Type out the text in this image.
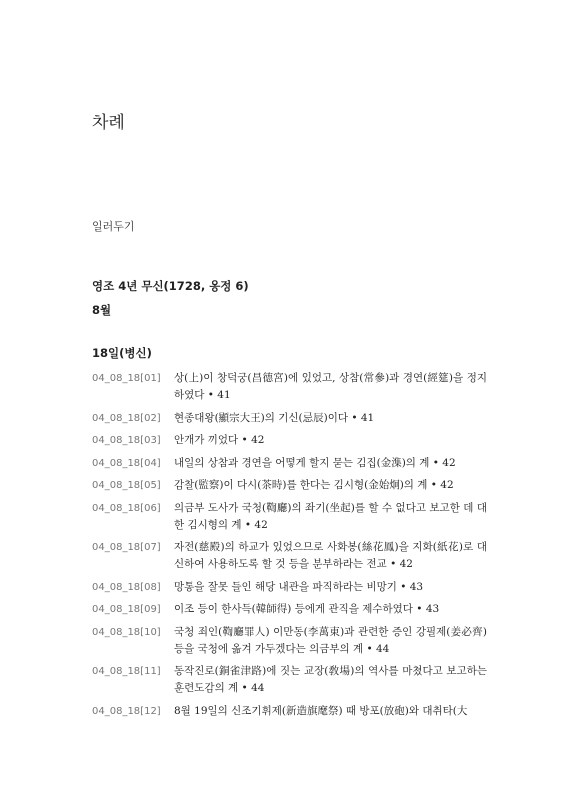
차례
일러두기
영조 4년 무신(1728, 옹정 6)
8월
18일(병신)
04_08_18[01]	상(上)이 창덕궁(昌德宮)에 있었고, 상참(常參)과 경연(經筵)을 정지하였다 • 41
04_08_18[02]	현종대왕(顯宗大王)의 기신(忌辰)이다 • 41
04_08_18[03]	안개가 끼었다 • 42
04_08_18[04]	내일의 상참과 경연을 어떻게 할지 묻는 김집(金潗)의 계 • 42
04_08_18[05]	감찰(監察)이 다시(茶時)를 한다는 김시형(金始炯)의 계 • 42
04_08_18[06]	의금부 도사가 국청(鞫廳)의 좌기(坐起)를 할 수 없다고 보고한 데 대한 김시형의 계 • 42
04_08_18[07]	자전(慈殿)의 하교가 있었으므로 사화봉(絲花鳳)을 지화(紙花)로 대신하여 사용하도록 할 것 등을 분부하라는 전교 • 42
04_08_18[08]	망통을 잘못 들인 해당 내관을 파직하라는 비망기 • 43
04_08_18[09]	이조 등이 한사득(韓師得) 등에게 관직을 제수하였다 • 43
04_08_18[10]	국청 죄인(鞫廳罪人) 이만동(李萬東)과 관련한 증인 강필제(姜必齊) 등을 국청에 옮겨 가두겠다는 의금부의 계 • 44
04_08_18[11]	동작진로(銅雀津路)에 짓는 교장(敎場)의 역사를 마쳤다고 보고하는 훈련도감의 계 • 44
04_08_18[12]	8월 19일의 신조기휘제(新造旗麾祭) 때 방포(放砲)와 대취타(大
